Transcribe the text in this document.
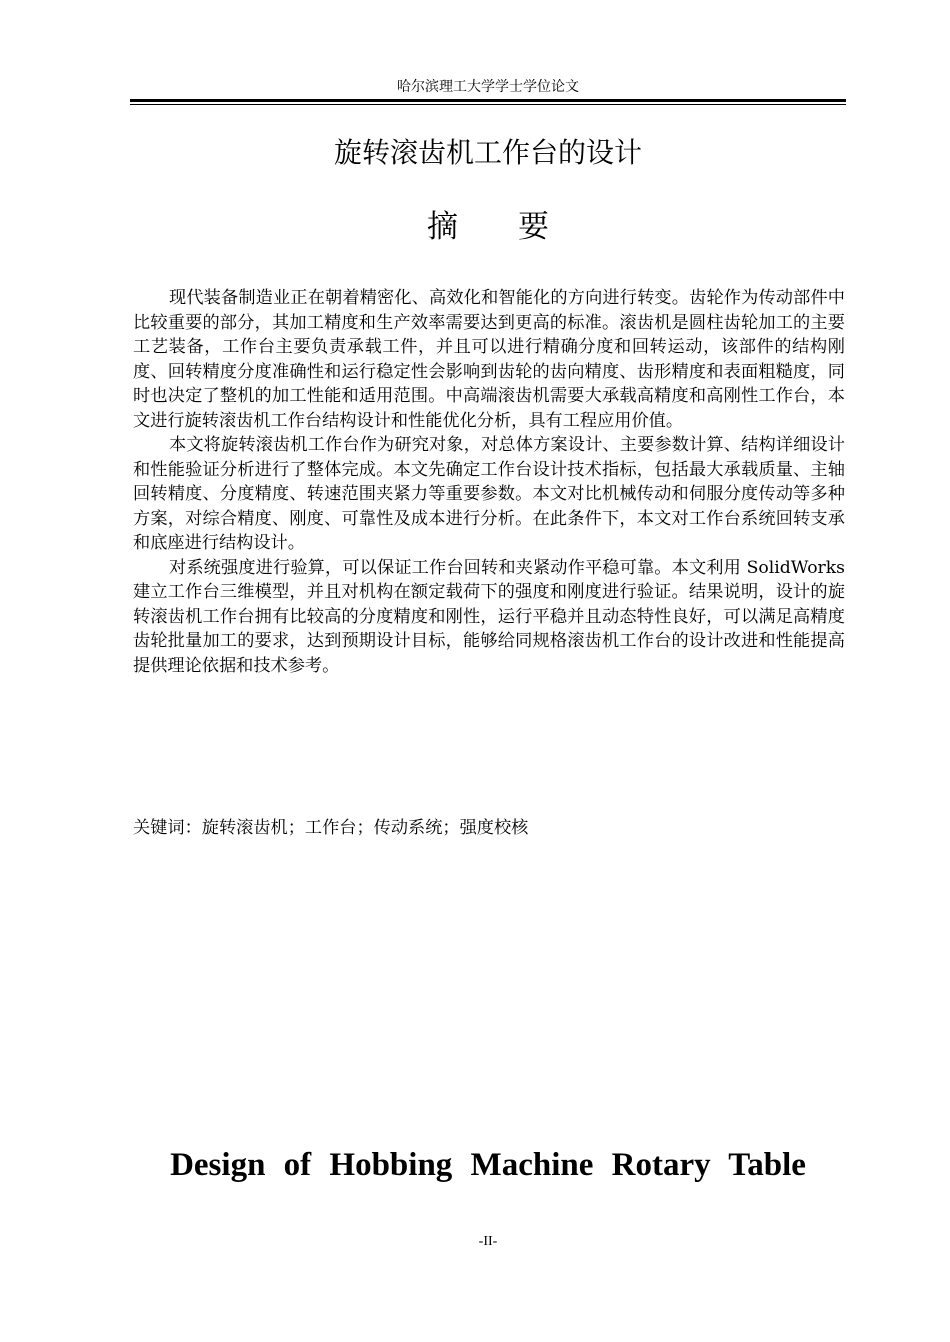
哈尔滨理工大学学士学位论文
旋转滚齿机工作台的设计
摘要

现代装备制造业正在朝着精密化、高效化和智能化的方向进行转变。齿轮作为传动部件中比较重要的部分，其加工精度和生产效率需要达到更高的标准。滚齿机是圆柱齿轮加工的主要工艺装备，工作台主要负责承载工件，并且可以进行精确分度和回转运动，该部件的结构刚度、回转精度分度准确性和运行稳定性会影响到齿轮的齿向精度、齿形精度和表面粗糙度，同时也决定了整机的加工性能和适用范围。中高端滚齿机需要大承载高精度和高刚性工作台，本文进行旋转滚齿机工作台结构设计和性能优化分析，具有工程应用价值。

本文将旋转滚齿机工作台作为研究对象，对总体方案设计、主要参数计算、结构详细设计和性能验证分析进行了整体完成。本文先确定工作台设计技术指标，包括最大承载质量、主轴回转精度、分度精度、转速范围夹紧力等重要参数。本文对比机械传动和伺服分度传动等多种方案，对综合精度、刚度、可靠性及成本进行分析。在此条件下，本文对工作台系统回转支承和底座进行结构设计。

对系统强度进行验算，可以保证工作台回转和夹紧动作平稳可靠。本文利用 SolidWorks 建立工作台三维模型，并且对机构在额定载荷下的强度和刚度进行验证。结果说明，设计的旋转滚齿机工作台拥有比较高的分度精度和刚性，运行平稳并且动态特性良好，可以满足高精度齿轮批量加工的要求，达到预期设计目标，能够给同规格滚齿机工作台的设计改进和性能提高提供理论依据和技术参考。

关键词：旋转滚齿机；工作台；传动系统；强度校核
Design of Hobbing Machine Rotary Table
-II-
